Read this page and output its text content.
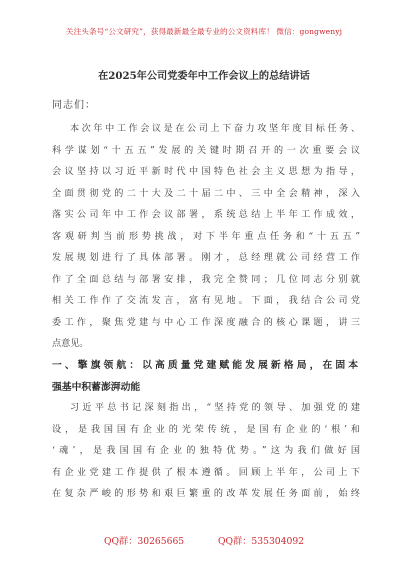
关注头条号“公文研究”，获得最新最全最专业的公文资料库！ 微信：gongwenyj
在2025年公司党委年中工作会议上的总结讲话
同志们：
本次年中工作会议是在公司上下奋力攻坚年度目标任务、
科学谋划“十五五”发展的关键时期召开的一次重要会议
会议坚持以习近平新时代中国特色社会主义思想为指导，
全面贯彻党的二十大及二十届二中、三中全会精神，深入
落实公司年中工作会议部署，系统总结上半年工作成效，
客观研判当前形势挑战，对下半年重点任务和“十五五”
发展规划进行了具体部署。刚才，总经理就公司经营工作
作了全面总结与部署安排，我完全赞同；几位同志分别就
相关工作作了交流发言，富有见地。下面，我结合公司党
委工作，聚焦党建与中心工作深度融合的核心课题，讲三
点意见。
一、擎旗领航：以高质量党建赋能发展新格局，在固本
强基中积蓄澎湃动能
习近平总书记深刻指出，“坚持党的领导、加强党的建
设，是我国国有企业的光荣传统，是国有企业的‘根’和
‘魂’，是我国国有企业的独特优势。”这为我们做好国
有企业党建工作提供了根本遵循。回顾上半年，公司上下
在复杂严峻的形势和艰巨繁重的改革发展任务面前，始终
QQ群：30265665	QQ群：535304092
